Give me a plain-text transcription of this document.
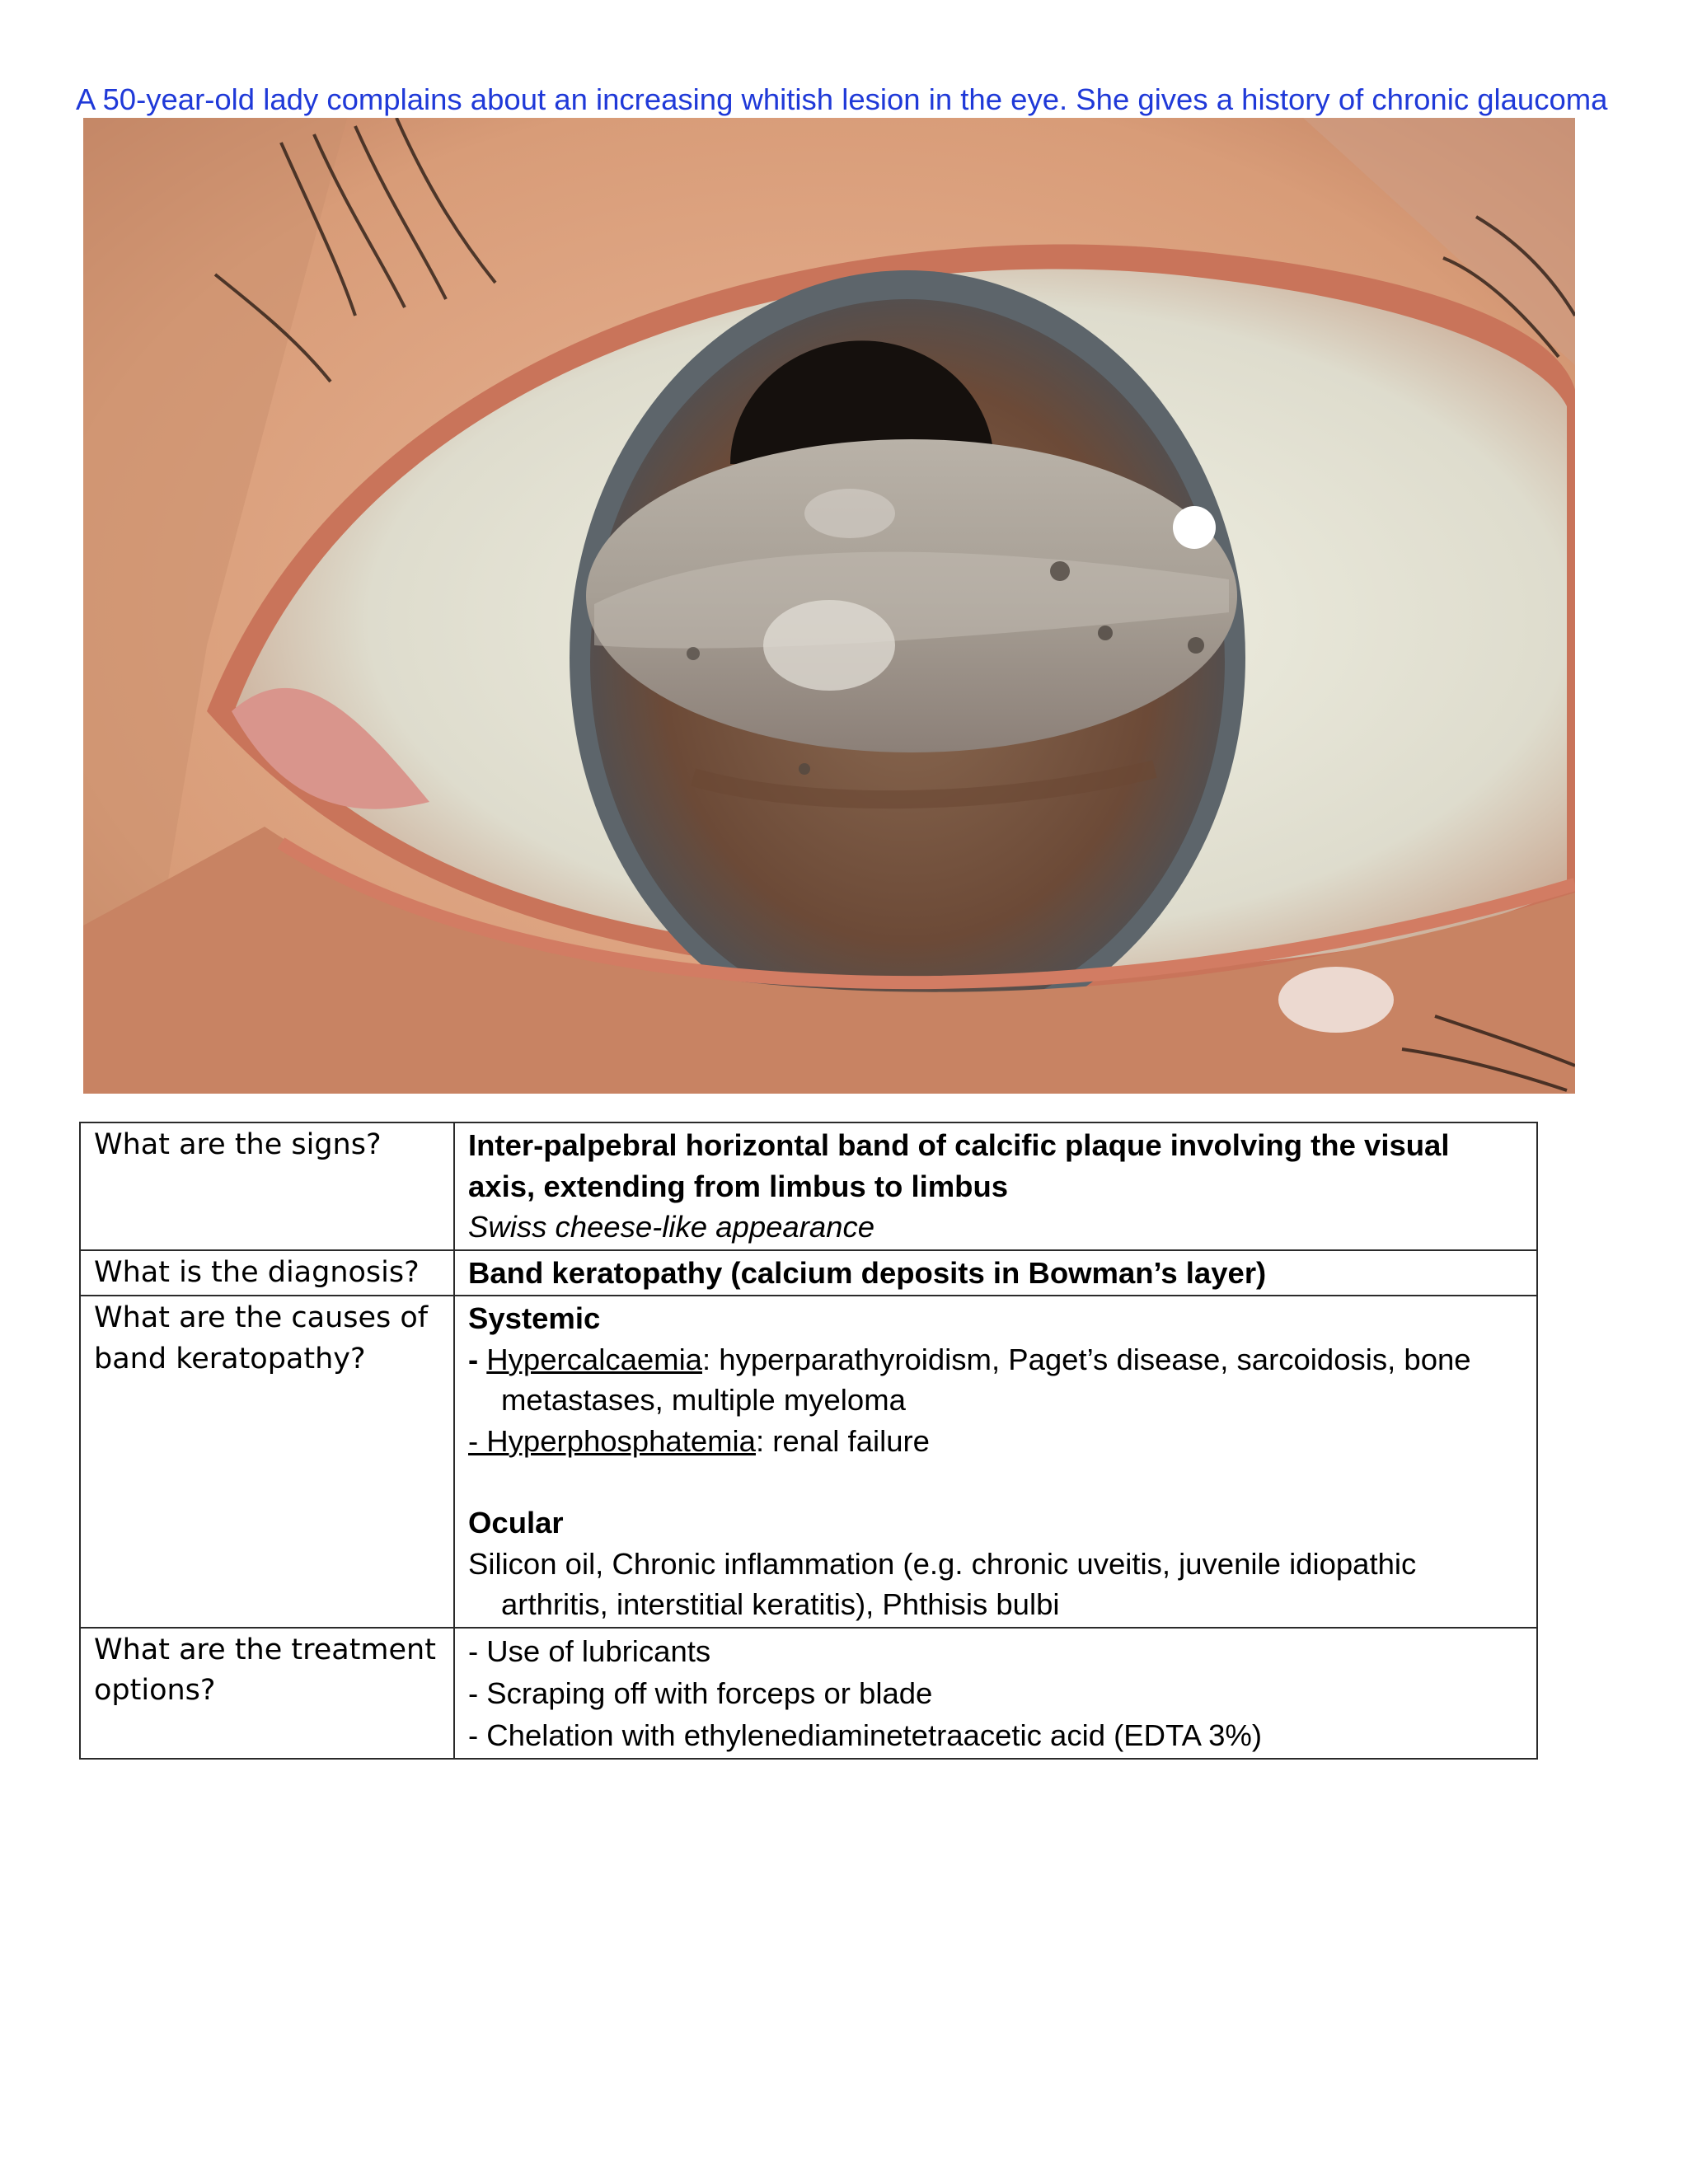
A 50-year-old lady complains about an increasing whitish lesion in the eye. She gives a history of chronic glaucoma
What are the signs?	Inter-palpebral horizontal band of calcific plaque involving the visual axis, extending from limbus to limbus
Swiss cheese-like appearance

What is the diagnosis?	Band keratopathy (calcium deposits in Bowman’s layer)
What are the causes of band keratopathy?	Systemic
- Hypercalcaemia: hyperparathyroidism, Paget’s disease, sarcoidosis, bone metastases, multiple myeloma
- Hyperphosphatemia: renal failure
Ocular
Silicon oil, Chronic inflammation (e.g. chronic uveitis, juvenile idiopathic arthritis, interstitial keratitis), Phthisis bulbi

What are the treatment options?	- Use of lubricants
- Scraping off with forceps or blade
- Chelation with ethylenediaminetetraacetic acid (EDTA 3%)
